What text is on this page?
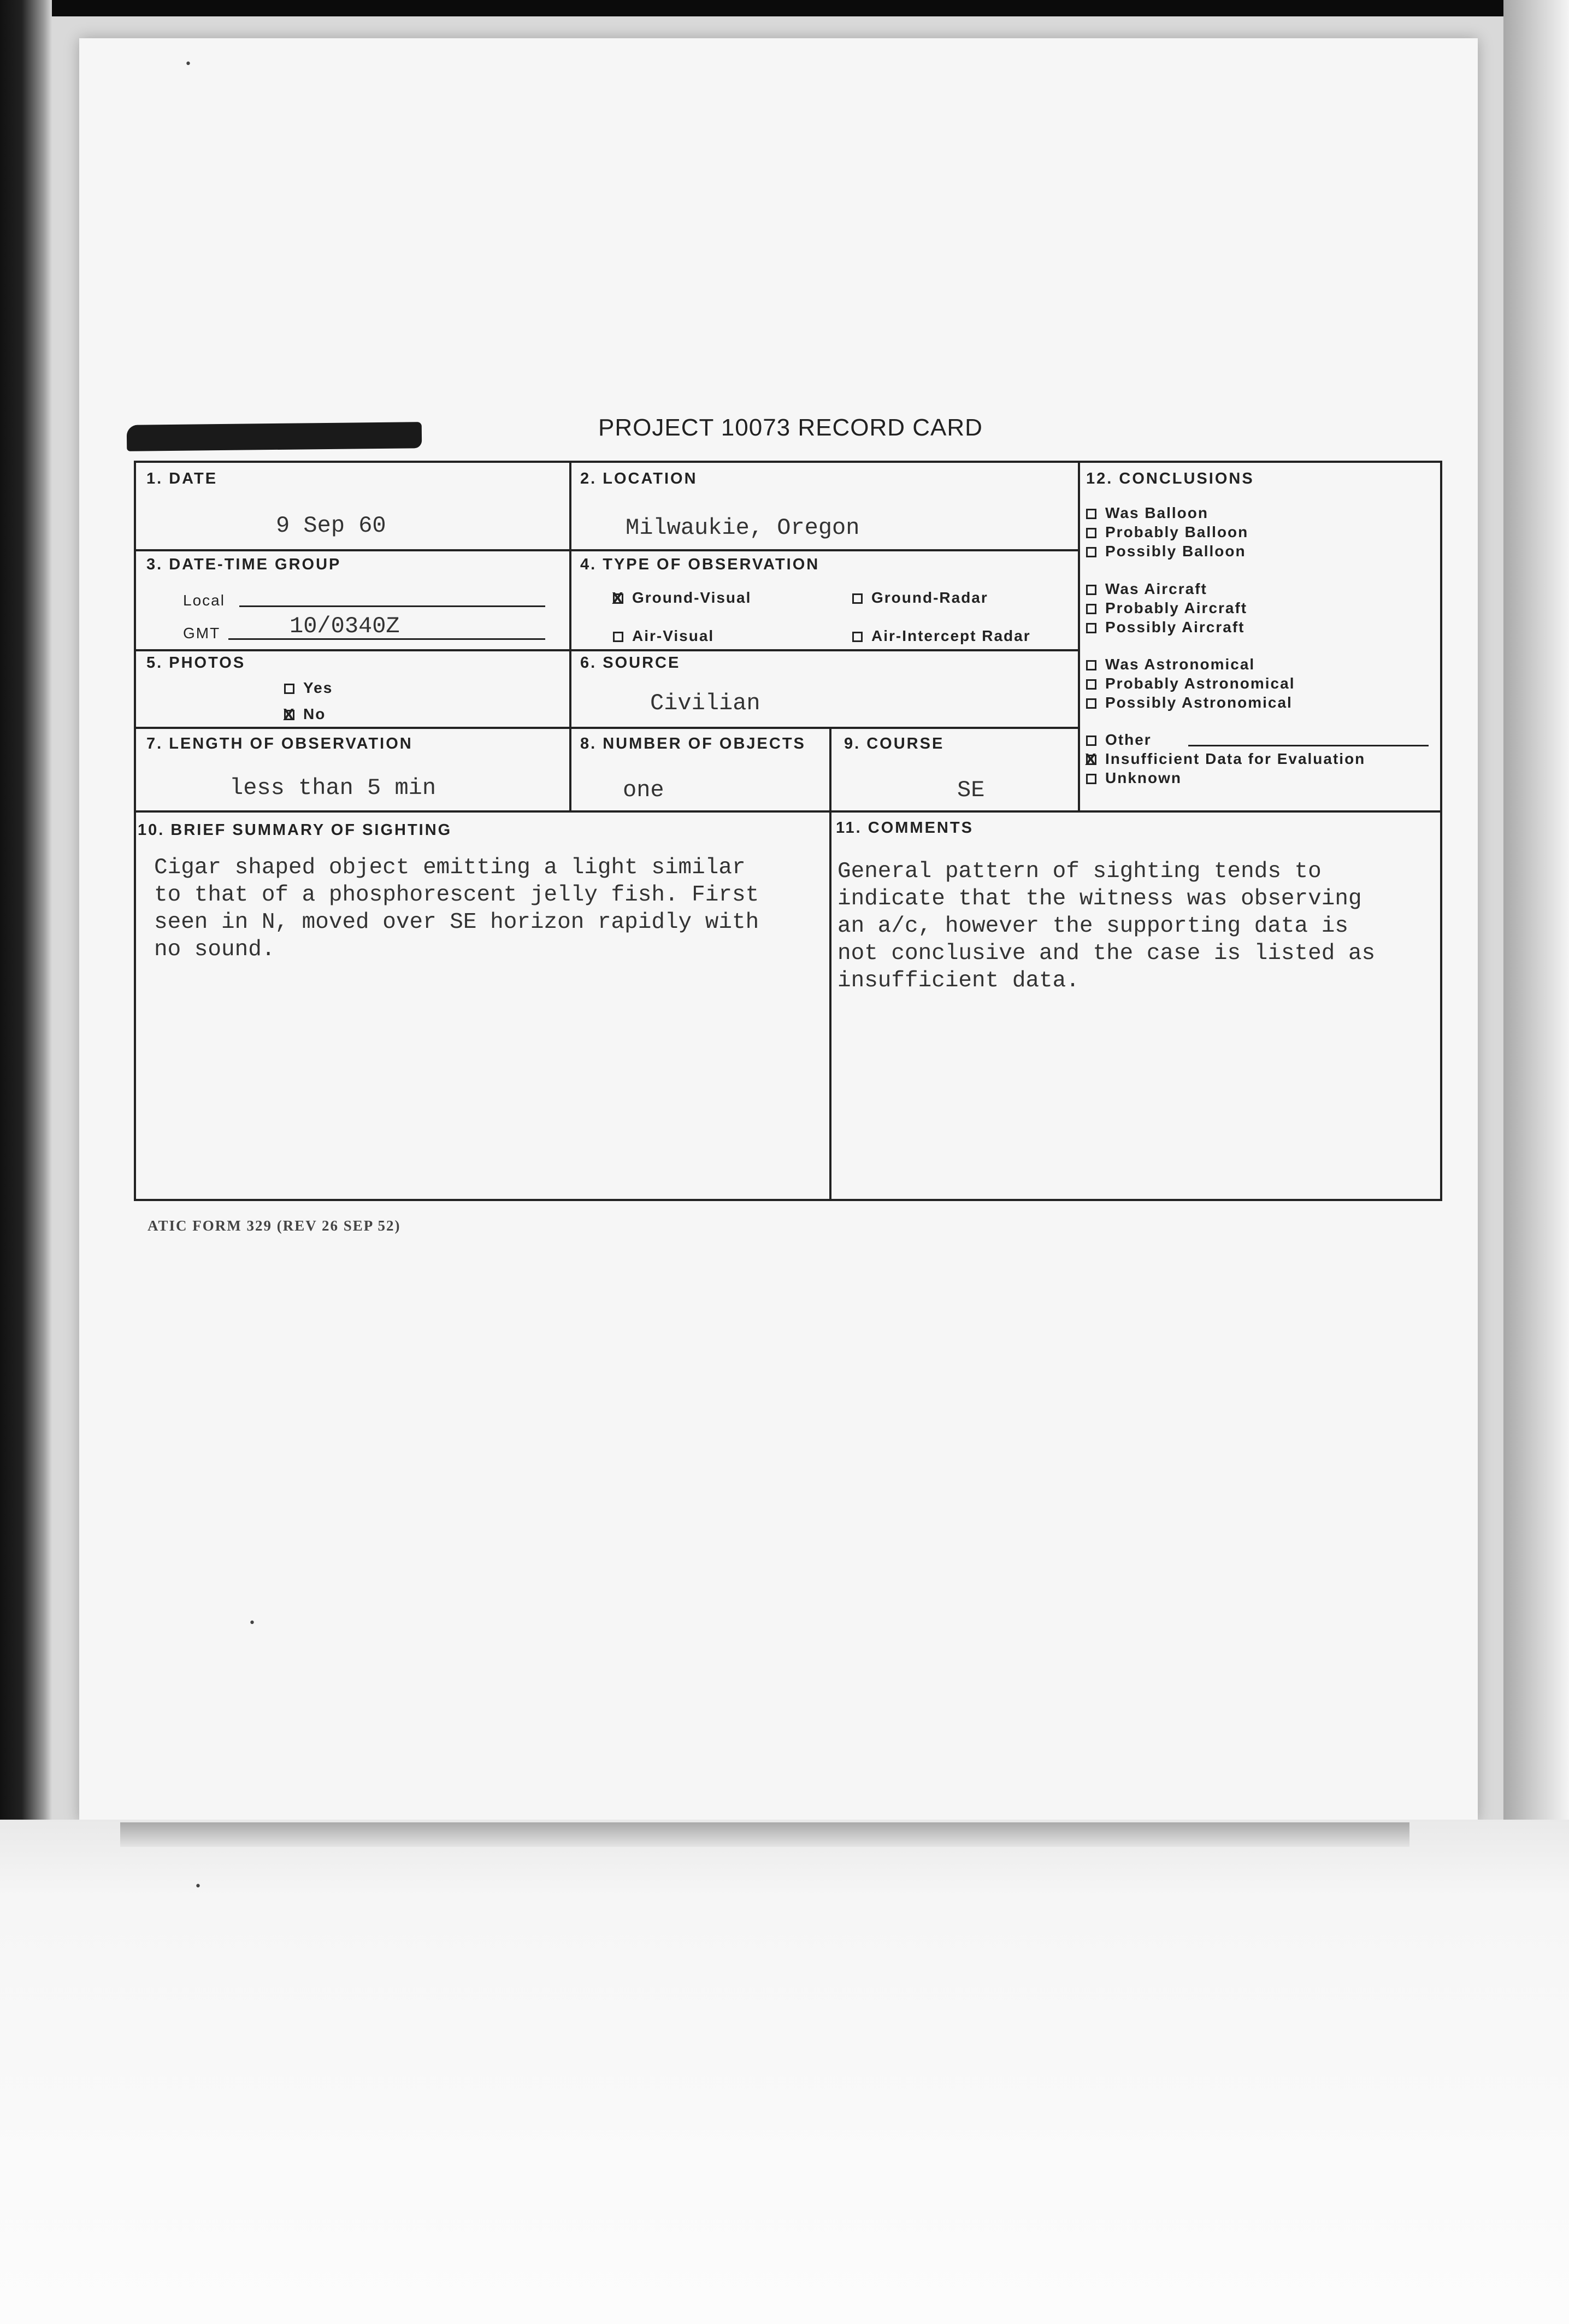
•
•
•
PROJECT 10073 RECORD CARD
1. DATE
9 Sep 60
2. LOCATION
Milwaukie, Oregon
3. DATE-TIME GROUP
Local
GMT	10/0340Z
4. TYPE OF OBSERVATION
XGround-Visual	Ground-Radar
Air-Visual	Air-Intercept Radar
5. PHOTOS
Yes
XNo
6. SOURCE
Civilian
7. LENGTH OF OBSERVATION
less than 5 min
8. NUMBER OF OBJECTS
one
9. COURSE
SE
10. BRIEF SUMMARY OF SIGHTING
Cigar shaped object emitting a light similar
to that of a phosphorescent jelly fish. First
seen in N, moved over SE horizon rapidly with
no sound.
11. COMMENTS
General pattern of sighting tends to
indicate that the witness was observing
an a/c, however the supporting data is
not conclusive and the case is listed as
insufficient data.
12. CONCLUSIONS
Was Balloon
Probably Balloon
Possibly Balloon
Was Aircraft
Probably Aircraft
Possibly Aircraft
Was Astronomical
Probably Astronomical
Possibly Astronomical
Other
XInsufficient Data for Evaluation
Unknown
ATIC FORM 329 (REV 26 SEP 52)
